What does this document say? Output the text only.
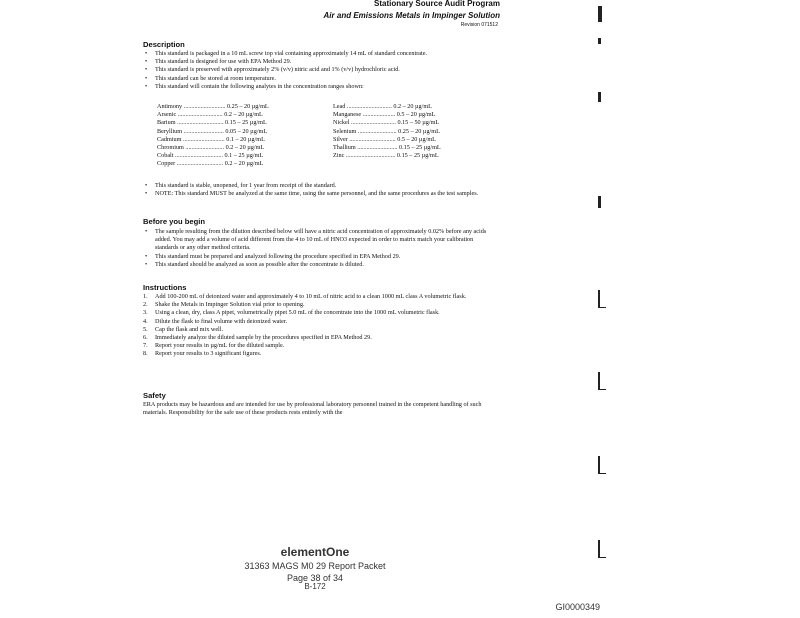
Stationary Source Audit Program
Air and Emissions Metals in Impinger Solution
Revision 071512
Description
• This standard is packaged in a 10 mL screw top vial containing approximately 14 mL of standard concentrate.
• This standard is designed for use with EPA Method 29.
• This standard is preserved with approximately 2% (v/v) nitric acid and 1% (v/v) hydrochloric acid.
• This standard can be stored at room temperature.
• This standard will contain the following analytes in the concentration ranges shown:
Antimony ........................... 0.25 – 20 µg/mL
Arsenic ............................. 0.2 – 20 µg/mL
Barium .............................. 0.15 – 25 µg/mL
Beryllium .......................... 0.05 – 20 µg/mL
Cadmium ........................... 0.1 – 20 µg/mL
Chromium ......................... 0.2 – 20 µg/mL
Cobalt ............................... 0.1 – 25 µg/mL
Copper .............................. 0.2 – 20 µg/mL
Lead ............................. 0.2 – 20 µg/mL
Manganese ..................... 0.5 – 20 µg/mL
Nickel ............................. 0.15 – 50 µg/mL
Selenium ......................... 0.25 – 20 µg/mL
Silver .............................. 0.5 – 20 µg/mL
Thallium .......................... 0.15 – 25 µg/mL
Zinc ................................ 0.15 – 25 µg/mL
• This standard is stable, unopened, for 1 year from receipt of the standard.
• NOTE: This standard MUST be analyzed at the same time, using the same personnel, and the same procedures as the test samples.
Before you begin
• The sample resulting from the dilution described below will have a nitric acid concentration of approximately 0.02% before any acids added. You may add a volume of acid different from the 4 to 10 mL of HNO3 expected in order to matrix match your calibration standards or any other method criteria.
• This standard must be prepared and analyzed following the procedure specified in EPA Method 29.
• This standard should be analyzed as soon as possible after the concentrate is diluted.
Instructions
1. Add 100-200 mL of deionized water and approximately 4 to 10 mL of nitric acid to a clean 1000 mL class A volumetric flask.
2. Shake the Metals in Impinger Solution vial prior to opening.
3. Using a clean, dry, class A pipet, volumetrically pipet 5.0 mL of the concentrate into the 1000 mL volumetric flask.
4. Dilute the flask to final volume with deionized water.
5. Cap the flask and mix well.
6. Immediately analyze the diluted sample by the procedures specified in EPA Method 29.
7. Report your results in µg/mL for the diluted sample.
8. Report your results to 3 significant figures.
Safety
ERA products may be hazardous and are intended for use by professional laboratory personnel trained in the competent handling of such materials. Responsibility for the safe use of these products rests entirely with the
elementOne
31363 MAGS M0 29 Report Packet
Page 38 of 34
B-172
GI0000349
